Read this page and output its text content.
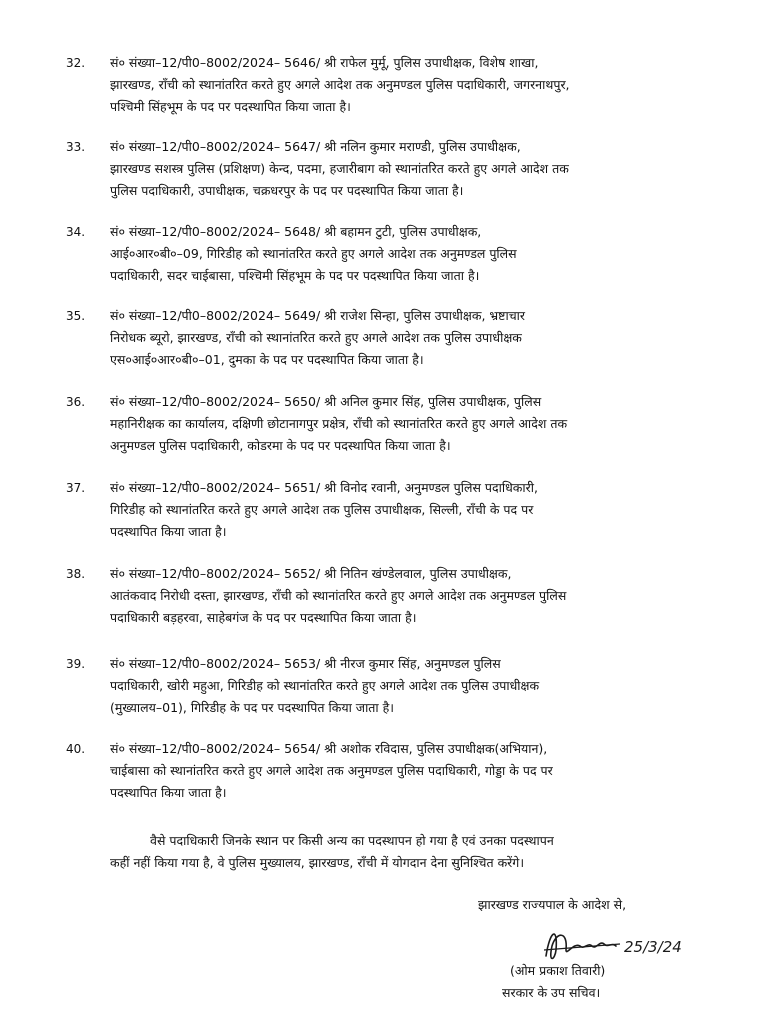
32. सं० संख्या–12/पी0–8002/2024– 5646/ श्री राफेल मुर्मू, पुलिस उपाधीक्षक, विशेष शाखा,
झारखण्ड, राँची को स्थानांतरित करते हुए अगले आदेश तक अनुमण्डल पुलिस पदाधिकारी, जगरनाथपुर,
पश्चिमी सिंहभूम के पद पर पदस्थापित किया जाता है।
33. सं० संख्या–12/पी0–8002/2024– 5647/ श्री नलिन कुमार मराण्डी, पुलिस उपाधीक्षक,
झारखण्ड सशस्त्र पुलिस (प्रशिक्षण) केन्द, पदमा, हजारीबाग को स्थानांतरित करते हुए अगले आदेश तक
पुलिस पदाधिकारी, उपाधीक्षक, चक्रधरपुर के पद पर पदस्थापित किया जाता है।
34. सं० संख्या–12/पी0–8002/2024– 5648/ श्री बहामन टुटी, पुलिस उपाधीक्षक,
आई०आर०बी०–09, गिरिडीह को स्थानांतरित करते हुए अगले आदेश तक अनुमण्डल पुलिस
पदाधिकारी, सदर चाईबासा, पश्चिमी सिंहभूम के पद पर पदस्थापित किया जाता है।
35. सं० संख्या–12/पी0–8002/2024– 5649/ श्री राजेश सिन्हा, पुलिस उपाधीक्षक, भ्रष्टाचार
निरोधक ब्यूरो, झारखण्ड, राँची को स्थानांतरित करते हुए अगले आदेश तक पुलिस उपाधीक्षक
एस०आई०आर०बी०–01, दुमका के पद पर पदस्थापित किया जाता है।
36. सं० संख्या–12/पी0–8002/2024– 5650/ श्री अनिल कुमार सिंह, पुलिस उपाधीक्षक, पुलिस
महानिरीक्षक का कार्यालय, दक्षिणी छोटानागपुर प्रक्षेत्र, राँची को स्थानांतरित करते हुए अगले आदेश तक
अनुमण्डल पुलिस पदाधिकारी, कोडरमा के पद पर पदस्थापित किया जाता है।
37. सं० संख्या–12/पी0–8002/2024– 5651/ श्री विनोद रवानी, अनुमण्डल पुलिस पदाधिकारी,
गिरिडीह को स्थानांतरित करते हुए अगले आदेश तक पुलिस उपाधीक्षक, सिल्ली, राँची के पद पर
पदस्थापित किया जाता है।
38. सं० संख्या–12/पी0–8002/2024– 5652/ श्री नितिन खंण्डेलवाल, पुलिस उपाधीक्षक,
आतंकवाद निरोधी दस्ता, झारखण्ड, राँची को स्थानांतरित करते हुए अगले आदेश तक अनुमण्डल पुलिस
पदाधिकारी बड़हरवा, साहेबगंज के पद पर पदस्थापित किया जाता है।
39. सं० संख्या–12/पी0–8002/2024– 5653/ श्री नीरज कुमार सिंह, अनुमण्डल पुलिस
पदाधिकारी, खोरी महुआ, गिरिडीह को स्थानांतरित करते हुए अगले आदेश तक पुलिस उपाधीक्षक
(मुख्यालय–01), गिरिडीह के पद पर पदस्थापित किया जाता है।
40. सं० संख्या–12/पी0–8002/2024– 5654/ श्री अशोक रविदास, पुलिस उपाधीक्षक(अभियान),
चाईबासा को स्थानांतरित करते हुए अगले आदेश तक अनुमण्डल पुलिस पदाधिकारी, गोड्डा के पद पर
पदस्थापित किया जाता है।
वैसे पदाधिकारी जिनके स्थान पर किसी अन्य का पदस्थापन हो गया है एवं उनका पदस्थापन
कहीं नहीं किया गया है, वे पुलिस मुख्यालय, झारखण्ड, राँची में योगदान देना सुनिश्चित करेंगे।
झारखण्ड राज्यपाल के आदेश से,
25/3/24
(ओम प्रकाश तिवारी)
सरकार के उप सचिव।
